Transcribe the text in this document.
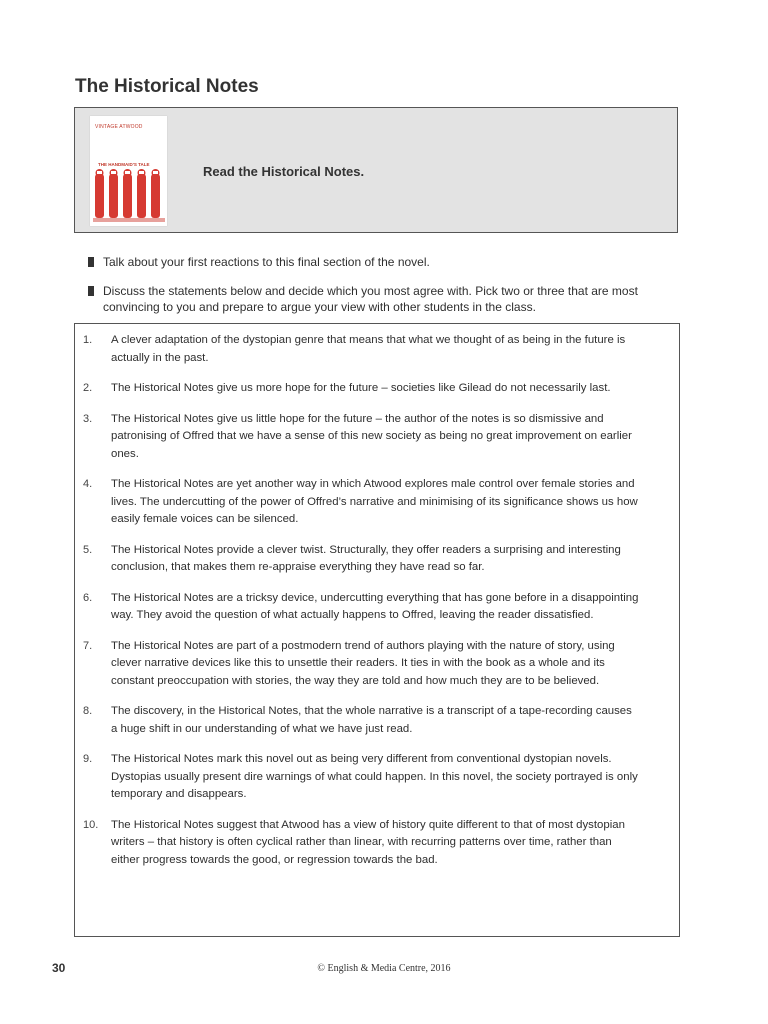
The Historical Notes
VINTAGE ATWOOD
THE HANDMAID'S TALE	Read the Historical Notes.
Talk about your first reactions to this final section of the novel.
Discuss the statements below and decide which you most agree with. Pick two or three that are most convincing to you and prepare to argue your view with other students in the class.
1.	A clever adaptation of the dystopian genre that means that what we thought of as being in the future is actually in the past.
2.	The Historical Notes give us more hope for the future – societies like Gilead do not necessarily last.
3.	The Historical Notes give us little hope for the future – the author of the notes is so dismissive and patronising of Offred that we have a sense of this new society as being no great improvement on earlier ones.
4.	The Historical Notes are yet another way in which Atwood explores male control over female stories and lives. The undercutting of the power of Offred’s narrative and minimising of its significance shows us how easily female voices can be silenced.
5.	The Historical Notes provide a clever twist. Structurally, they offer readers a surprising and interesting conclusion, that makes them re-appraise everything they have read so far.
6.	The Historical Notes are a tricksy device, undercutting everything that has gone before in a disappointing way. They avoid the question of what actually happens to Offred, leaving the reader dissatisfied.
7.	The Historical Notes are part of a postmodern trend of authors playing with the nature of story, using clever narrative devices like this to unsettle their readers. It ties in with the book as a whole and its constant preoccupation with stories, the way they are told and how much they are to be believed.
8.	The discovery, in the Historical Notes, that the whole narrative is a transcript of a tape-recording causes a huge shift in our understanding of what we have just read.
9.	The Historical Notes mark this novel out as being very different from conventional dystopian novels. Dystopias usually present dire warnings of what could happen. In this novel, the society portrayed is only temporary and disappears.
10.	The Historical Notes suggest that Atwood has a view of history quite different to that of most dystopian writers – that history is often cyclical rather than linear, with recurring patterns over time, rather than either progress towards the good, or regression towards the bad.
30	© English & Media Centre, 2016
